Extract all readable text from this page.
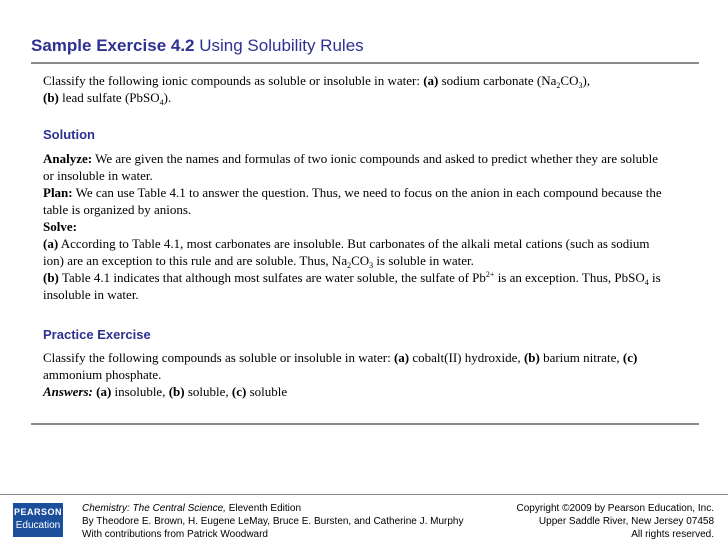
Sample Exercise 4.2 Using Solubility Rules
Classify the following ionic compounds as soluble or insoluble in water: (a) sodium carbonate $(Na_2CO_3)$,
(b) lead sulfate (PbSO$_4$).
Solution
Analyze: We are given the names and formulas of two ionic compounds and asked to predict whether they are soluble or insoluble in water.
Plan: We can use Table 4.1 to answer the question. Thus, we need to focus on the anion in each compound because the table is organized by anions.
Solve:
(a) According to Table 4.1, most carbonates are insoluble. But carbonates of the alkali metal cations (such as sodium ion) are an exception to this rule and are soluble. Thus, $Na_2CO_3$ is soluble in water.
(b) Table 4.1 indicates that although most sulfates are water soluble, the sulfate of $Pb^{2+}$ is an exception. Thus, PbSO$_4$ is insoluble in water.
Practice Exercise
Classify the following compounds as soluble or insoluble in water: (a) cobalt(II) hydroxide, (b) barium nitrate, (c) ammonium phosphate.
Answers: (a) insoluble, (b) soluble, (c) soluble
PEARSON
Education
Chemistry: The Central Science, Eleventh Edition
By Theodore E. Brown, H. Eugene LeMay, Bruce E. Bursten, and Catherine J. Murphy
With contributions from Patrick Woodward
Copyright ©2009 by Pearson Education, Inc.
Upper Saddle River, New Jersey 07458
All rights reserved.
